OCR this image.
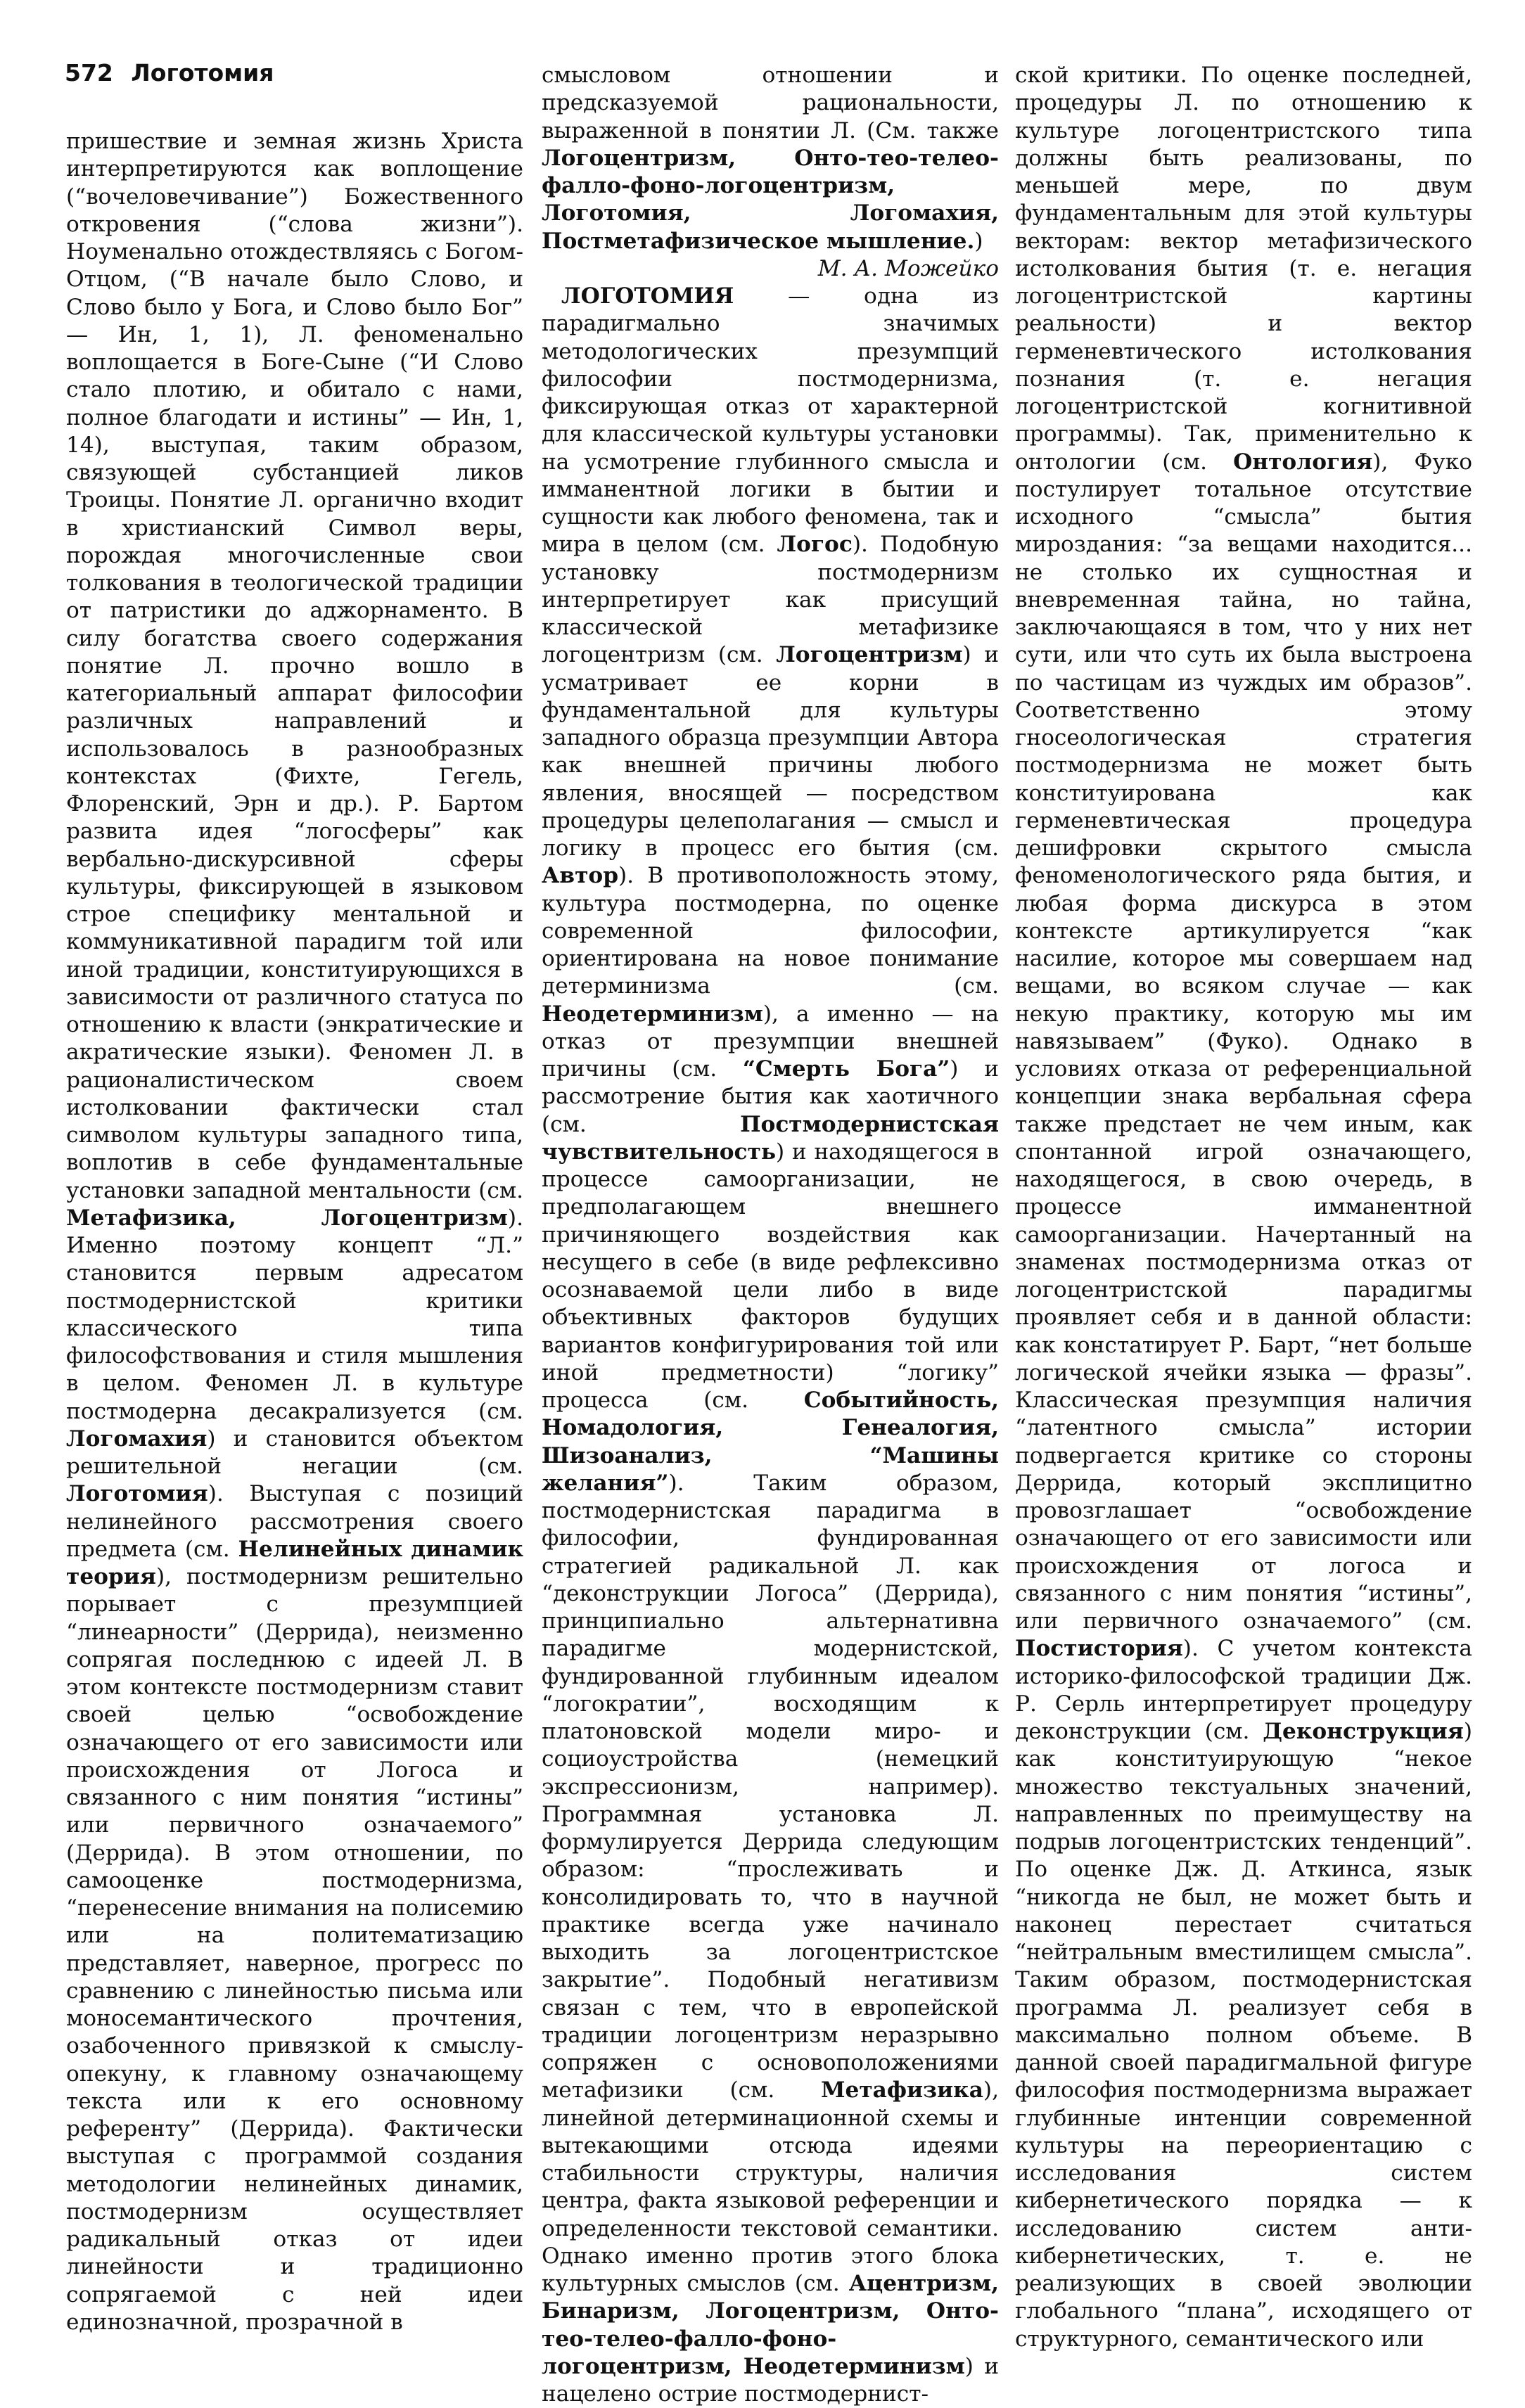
572 Логотомия

пришествие и земная жизнь Христа интерпретируются как воплощение (“вочеловечивание”) Божественного откровения (“слова жизни”). Ноуменально отождествляясь с Богом-Отцом, (“В начале было Слово, и Слово было у Бога, и Слово было Бог” — Ин, 1, 1), Л. феноменально воплощается в Боге-Сыне (“И Слово стало плотию, и обитало с нами, полное благодати и истины” — Ин, 1, 14), выступая, таким образом, связующей субстанцией ликов Троицы. Понятие Л. органично входит в христианский Символ веры, порождая многочисленные свои толкования в теологической традиции от патристики до аджорнаменто. В силу богатства своего содержания понятие Л. прочно вошло в категориальный аппарат философии различных направлений и использовалось в разнообразных контекстах (Фихте, Гегель, Флоренский, Эрн и др.). Р. Бартом развита идея “логосферы” как вербально-дискурсивной сферы культуры, фиксирующей в языковом строе специфику ментальной и коммуникативной парадигм той или иной традиции, конституирующихся в зависимости от различного статуса по отношению к власти (энкратические и акратические языки). Феномен Л. в рационалистическом своем истолковании фактически стал символом культуры западного типа, воплотив в себе фундаментальные установки западной ментальности (см. Метафизика, Логоцентризм). Именно поэтому концепт “Л.” становится первым адресатом постмодернистской критики классического типа философствования и стиля мышления в целом. Феномен Л. в культуре постмодерна десакрализуется (см. Логомахия) и становится объектом решительной негации (см. Логотомия). Выступая с позиций нелинейного рассмотрения своего предмета (см. Нелинейных динамик теория), постмодернизм решительно порывает с презумпцией “линеарности” (Деррида), неизменно сопрягая последнюю с идеей Л. В этом контексте постмодернизм ставит своей целью “освобождение означающего от его зависимости или происхождения от Логоса и связанного с ним понятия “истины” или первичного означаемого” (Деррида). В этом отношении, по самооценке постмодернизма, “перенесение внимания на полисемию или на политематизацию представляет, наверное, прогресс по сравнению с линейностью письма или моносемантического прочтения, озабоченного привязкой к смыслу-опекуну, к главному означающему текста или к его основному референту” (Деррида). Фактически выступая с программой создания методологии нелинейных динамик, постмодернизм осуществляет радикальный отказ от идеи линейности и традиционно сопрягаемой с ней идеи единозначной, прозрачной в

смысловом отношении и предсказуемой рациональности, выраженной в понятии Л. (См. также Логоцентризм, Онто-тео-телео-фалло-фоно-логоцентризм, Логотомия, Логомахия, Постметафизическое мышление.)

М. А. Можейко

ЛОГОТОМИЯ — одна из парадигмально значимых методологических презумпций философии постмодернизма, фиксирующая отказ от характерной для классической культуры установки на усмотрение глубинного смысла и имманентной логики в бытии и сущности как любого феномена, так и мира в целом (см. Логос). Подобную установку постмодернизм интерпретирует как присущий классической метафизике логоцентризм (см. Логоцентризм) и усматривает ее корни в фундаментальной для культуры западного образца презумпции Автора как внешней причины любого явления, вносящей — посредством процедуры целеполагания — смысл и логику в процесс его бытия (см. Автор). В противоположность этому, культура постмодерна, по оценке современной философии, ориентирована на новое понимание детерминизма (см. Неодетерминизм), а именно — на отказ от презумпции внешней причины (см. “Смерть Бога”) и рассмотрение бытия как хаотичного (см. Постмодернистская чувствительность) и находящегося в процессе самоорганизации, не предполагающем внешнего причиняющего воздействия как несущего в себе (в виде рефлексивно осознаваемой цели либо в виде объективных факторов будущих вариантов конфигурирования той или иной предметности) “логику” процесса (см. Событийность, Номадология, Генеалогия, Шизоанализ, “Машины желания”). Таким образом, постмодернистская парадигма в философии, фундированная стратегией радикальной Л. как “деконструкции Логоса” (Деррида), принципиально альтернативна парадигме модернистской, фундированной глубинным идеалом “логократии”, восходящим к платоновской модели миро- и социоустройства (немецкий экспрессионизм, например). Программная установка Л. формулируется Деррида следующим образом: “прослеживать и консолидировать то, что в научной практике всегда уже начинало выходить за логоцентристское закрытие”. Подобный негативизм связан с тем, что в европейской традиции логоцентризм неразрывно сопряжен с основоположениями метафизики (см. Метафизика), линейной детерминационной схемы и вытекающими отсюда идеями стабильности структуры, наличия центра, факта языковой референции и определенности текстовой семантики. Однако именно против этого блока культурных смыслов (см. Ацентризм, Бинаризм, Логоцентризм, Онто-тео-телео-фалло-фоно-логоцентризм, Неодетерминизм) и нацелено острие постмодернист-

ской критики. По оценке последней, процедуры Л. по отношению к культуре логоцентристского типа должны быть реализованы, по меньшей мере, по двум фундаментальным для этой культуры векторам: вектор метафизического истолкования бытия (т. е. негация логоцентристской картины реальности) и вектор герменевтического истолкования познания (т. е. негация логоцентристской когнитивной программы). Так, применительно к онтологии (см. Онтология), Фуко постулирует тотальное отсутствие исходного “смысла” бытия мироздания: “за вещами находится... не столько их сущностная и вневременная тайна, но тайна, заключающаяся в том, что у них нет сути, или что суть их была выстроена по частицам из чуждых им образов”. Соответственно этому гносеологическая стратегия постмодернизма не может быть конституирована как герменевтическая процедура дешифровки скрытого смысла феноменологического ряда бытия, и любая форма дискурса в этом контексте артикулируется “как насилие, которое мы совершаем над вещами, во всяком случае — как некую практику, которую мы им навязываем” (Фуко). Однако в условиях отказа от референциальной концепции знака вербальная сфера также предстает не чем иным, как спонтанной игрой означающего, находящегося, в свою очередь, в процессе имманентной самоорганизации. Начертанный на знаменах постмодернизма отказ от логоцентристской парадигмы проявляет себя и в данной области: как констатирует Р. Барт, “нет больше логической ячейки языка — фразы”. Классическая презумпция наличия “латентного смысла” истории подвергается критике со стороны Деррида, который эксплицитно провозглашает “освобождение означающего от его зависимости или происхождения от логоса и связанного с ним понятия “истины”, или первичного означаемого” (см. Постистория). С учетом контекста историко-философской традиции Дж. Р. Серль интерпретирует процедуру деконструкции (см. Деконструкция) как конституирующую “некое множество текстуальных значений, направленных по преимуществу на подрыв логоцентристских тенденций”. По оценке Дж. Д. Аткинса, язык “никогда не был, не может быть и наконец перестает считаться “нейтральным вместилищем смысла”. Таким образом, постмодернистская программа Л. реализует себя в максимально полном объеме. В данной своей парадигмальной фигуре философия постмодернизма выражает глубинные интенции современной культуры на переориентацию с исследования систем кибернетического порядка — к исследованию систем анти-кибернетических, т. е. не реализующих в своей эволюции глобального “плана”, исходящего от структурного, семантического или
